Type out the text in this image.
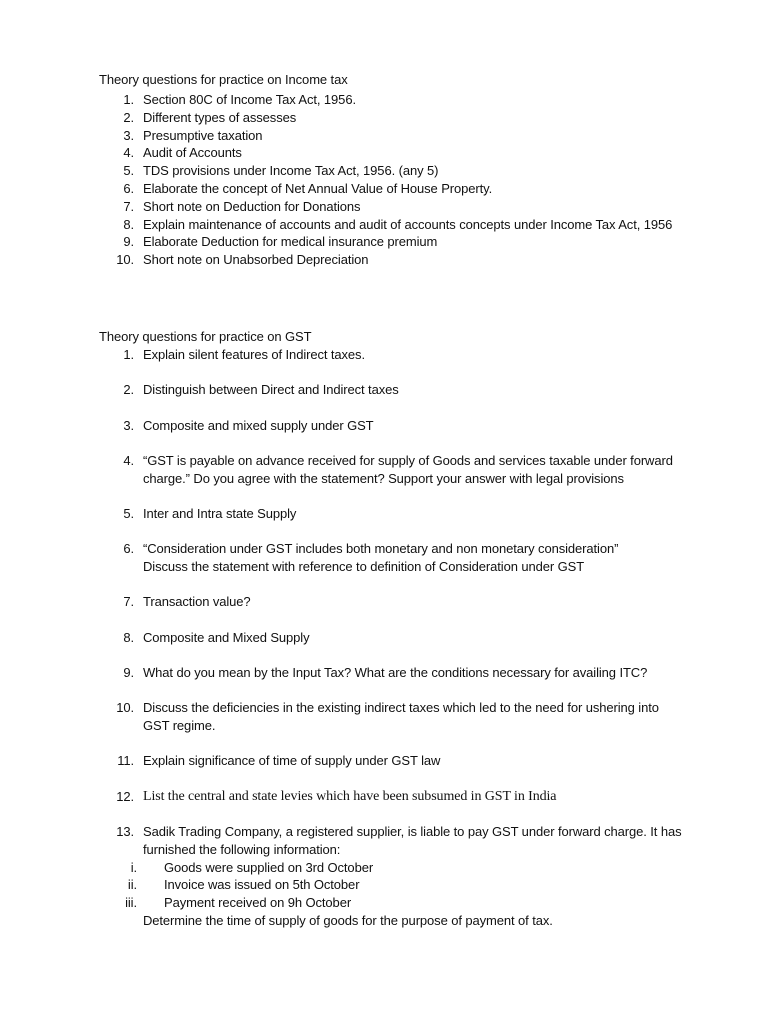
Theory questions for practice on Income tax
1. Section 80C of Income Tax Act, 1956.
2. Different types of assesses
3. Presumptive taxation
4. Audit of Accounts
5. TDS provisions under Income Tax Act, 1956. (any 5)
6. Elaborate the concept of Net Annual Value of House Property.
7. Short note on Deduction for Donations
8. Explain maintenance of accounts and audit of accounts concepts under Income Tax Act, 1956
9. Elaborate Deduction for medical insurance premium
10. Short note on Unabsorbed Depreciation
Theory questions for practice on GST
1. Explain silent features of Indirect taxes.
2. Distinguish between Direct and Indirect taxes
3. Composite and mixed supply under GST
4. “GST is payable on advance received for supply of Goods and services taxable under forward charge.” Do you agree with the statement? Support your answer with legal provisions
5. Inter and Intra state Supply
6. “Consideration under GST includes both monetary and non monetary consideration” Discuss the statement with reference to definition of Consideration under GST
7. Transaction value?
8. Composite and Mixed Supply
9. What do you mean by the Input Tax? What are the conditions necessary for availing ITC?
10. Discuss the deficiencies in the existing indirect taxes which led to the need for ushering into GST regime.
11. Explain significance of time of supply under GST law
12. List the central and state levies which have been subsumed in GST in India
13. Sadik Trading Company, a registered supplier, is liable to pay GST under forward charge. It has furnished the following information:
i. Goods were supplied on 3rd October
ii. Invoice was issued on 5th October
iii. Payment received on 9h October
Determine the time of supply of goods for the purpose of payment of tax.
